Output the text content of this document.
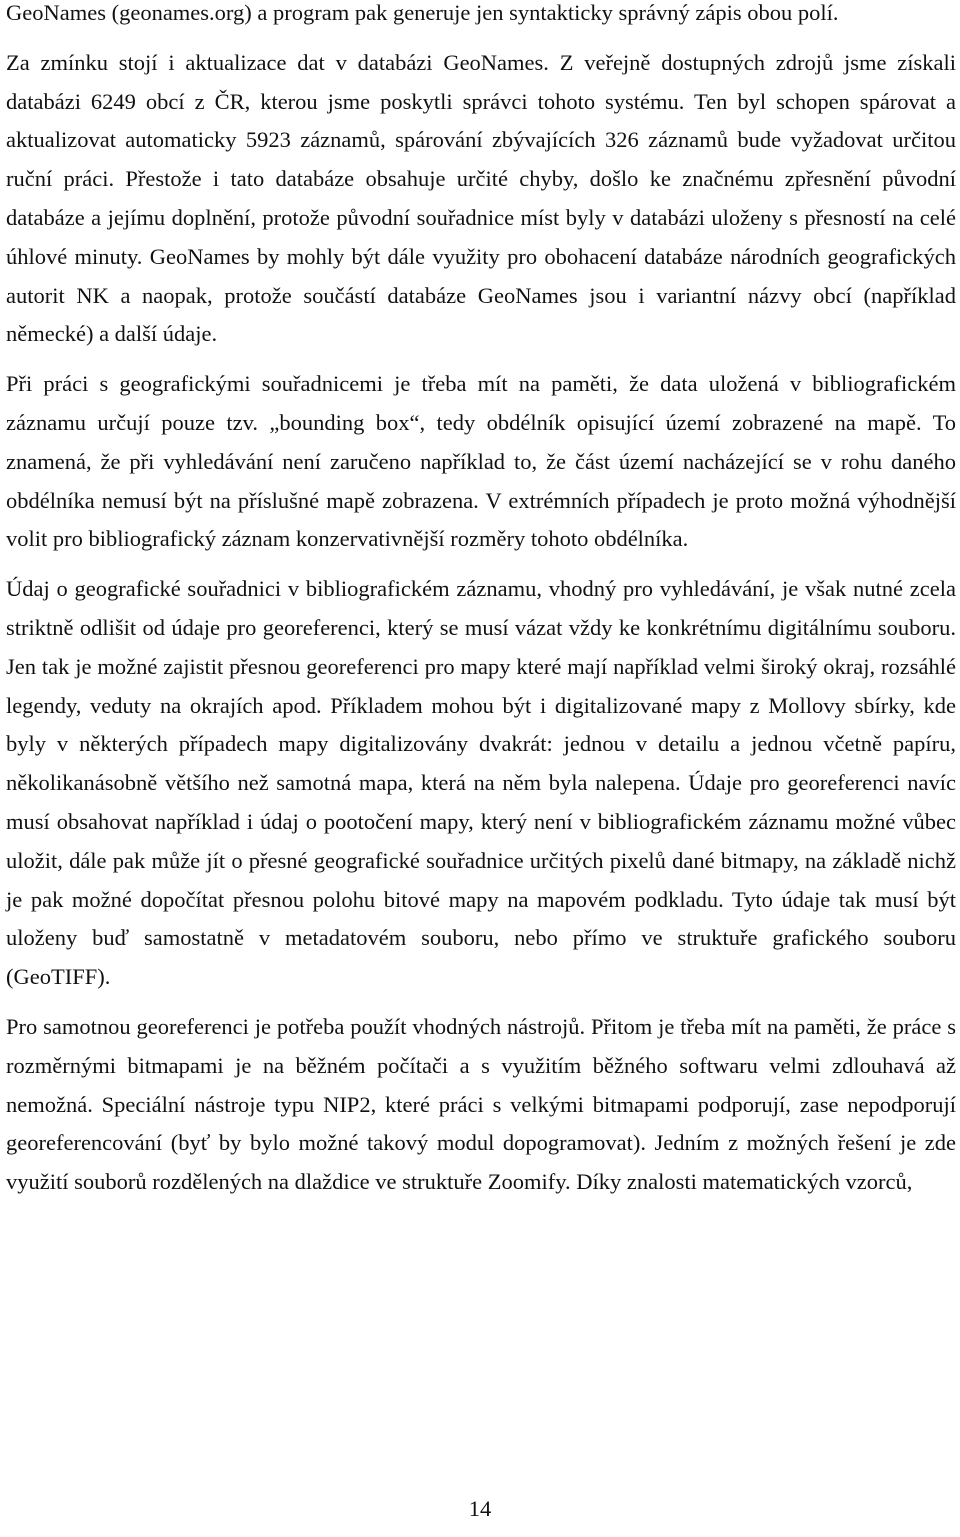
GeoNames (geonames.org) a program pak generuje jen syntakticky správný zápis obou polí.

Za zmínku stojí i aktualizace dat v databázi GeoNames. Z veřejně dostupných zdrojů jsme získali databázi 6249 obcí z ČR, kterou jsme poskytli správci tohoto systému. Ten byl schopen spárovat a aktualizovat automaticky 5923 záznamů, spárování zbývajících 326 záznamů bude vyžadovat určitou ruční práci. Přestože i tato databáze obsahuje určité chyby, došlo ke značnému zpřesnění původní databáze a jejímu doplnění, protože původní souřadnice míst byly v databázi uloženy s přesností na celé úhlové minuty. GeoNames by mohly být dále využity pro obohacení databáze národních geografických autorit NK a naopak, protože součástí databáze GeoNames jsou i variantní názvy obcí (například německé) a další údaje.

Při práci s geografickými souřadnicemi je třeba mít na paměti, že data uložená v bibliografickém záznamu určují pouze tzv. „bounding box“, tedy obdélník opisující území zobrazené na mapě. To znamená, že při vyhledávání není zaručeno například to, že část území nacházející se v rohu daného obdélníka nemusí být na příslušné mapě zobrazena. V extrémních případech je proto možná výhodnější volit pro bibliografický záznam konzervativnější rozměry tohoto obdélníka.

Údaj o geografické souřadnici v bibliografickém záznamu, vhodný pro vyhledávání, je však nutné zcela striktně odlišit od údaje pro georeferenci, který se musí vázat vždy ke konkrétnímu digitálnímu souboru. Jen tak je možné zajistit přesnou georeferenci pro mapy které mají například velmi široký okraj, rozsáhlé legendy, veduty na okrajích apod. Příkladem mohou být i digitalizované mapy z Mollovy sbírky, kde byly v některých případech mapy digitalizovány dvakrát: jednou v detailu a jednou včetně papíru, několikanásobně většího než samotná mapa, která na něm byla nalepena. Údaje pro georeferenci navíc musí obsahovat například i údaj o pootočení mapy, který není v bibliografickém záznamu možné vůbec uložit, dále pak může jít o přesné geografické souřadnice určitých pixelů dané bitmapy, na základě nichž je pak možné dopočítat přesnou polohu bitové mapy na mapovém podkladu. Tyto údaje tak musí být uloženy buď samostatně v metadatovém souboru, nebo přímo ve struktuře grafického souboru (GeoTIFF).

Pro samotnou georeferenci je potřeba použít vhodných nástrojů. Přitom je třeba mít na paměti, že práce s rozměrnými bitmapami je na běžném počítači a s využitím běžného softwaru velmi zdlouhavá až nemožná. Speciální nástroje typu NIP2, které práci s velkými bitmapami podporují, zase nepodporují georeferencování (byť by bylo možné takový modul dopogramovat). Jedním z možných řešení je zde využití souborů rozdělených na dlaždice ve struktuře Zoomify. Díky znalosti matematických vzorců,

14
